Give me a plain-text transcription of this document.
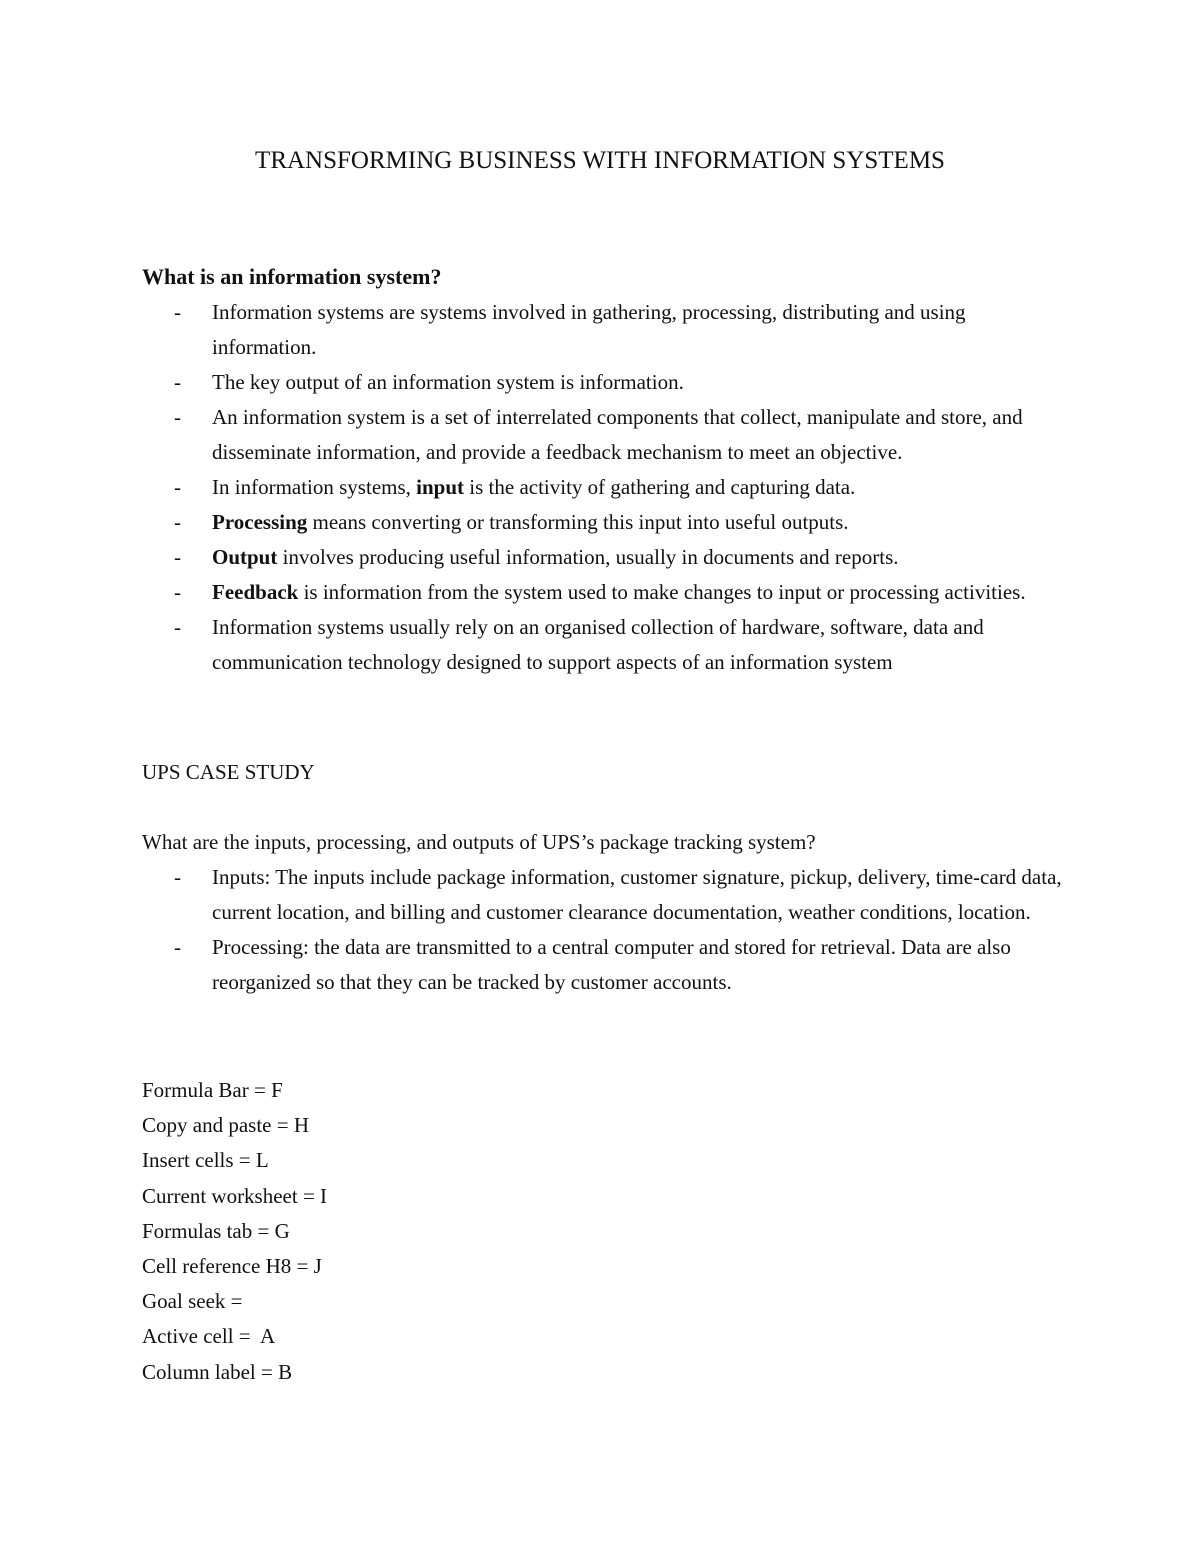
TRANSFORMING BUSINESS WITH INFORMATION SYSTEMS
What is an information system?
- Information systems are systems involved in gathering, processing, distributing and using information.
- The key output of an information system is information.
- An information system is a set of interrelated components that collect, manipulate and store, and disseminate information, and provide a feedback mechanism to meet an objective.
- In information systems, input is the activity of gathering and capturing data.
- Processing means converting or transforming this input into useful outputs.
- Output involves producing useful information, usually in documents and reports.
- Feedback is information from the system used to make changes to input or processing activities.
- Information systems usually rely on an organised collection of hardware, software, data and communication technology designed to support aspects of an information system

UPS CASE STUDY

What are the inputs, processing, and outputs of UPS’s package tracking system?

- Inputs: The inputs include package information, customer signature, pickup, delivery, time-card data, current location, and billing and customer clearance documentation, weather conditions, location.
- Processing: the data are transmitted to a central computer and stored for retrieval. Data are also reorganized so that they can be tracked by customer accounts.
Formula Bar = F
Copy and paste = H
Insert cells = L
Current worksheet = I
Formulas tab = G
Cell reference H8 = J
Goal seek =
Active cell =  A
Column label = B
